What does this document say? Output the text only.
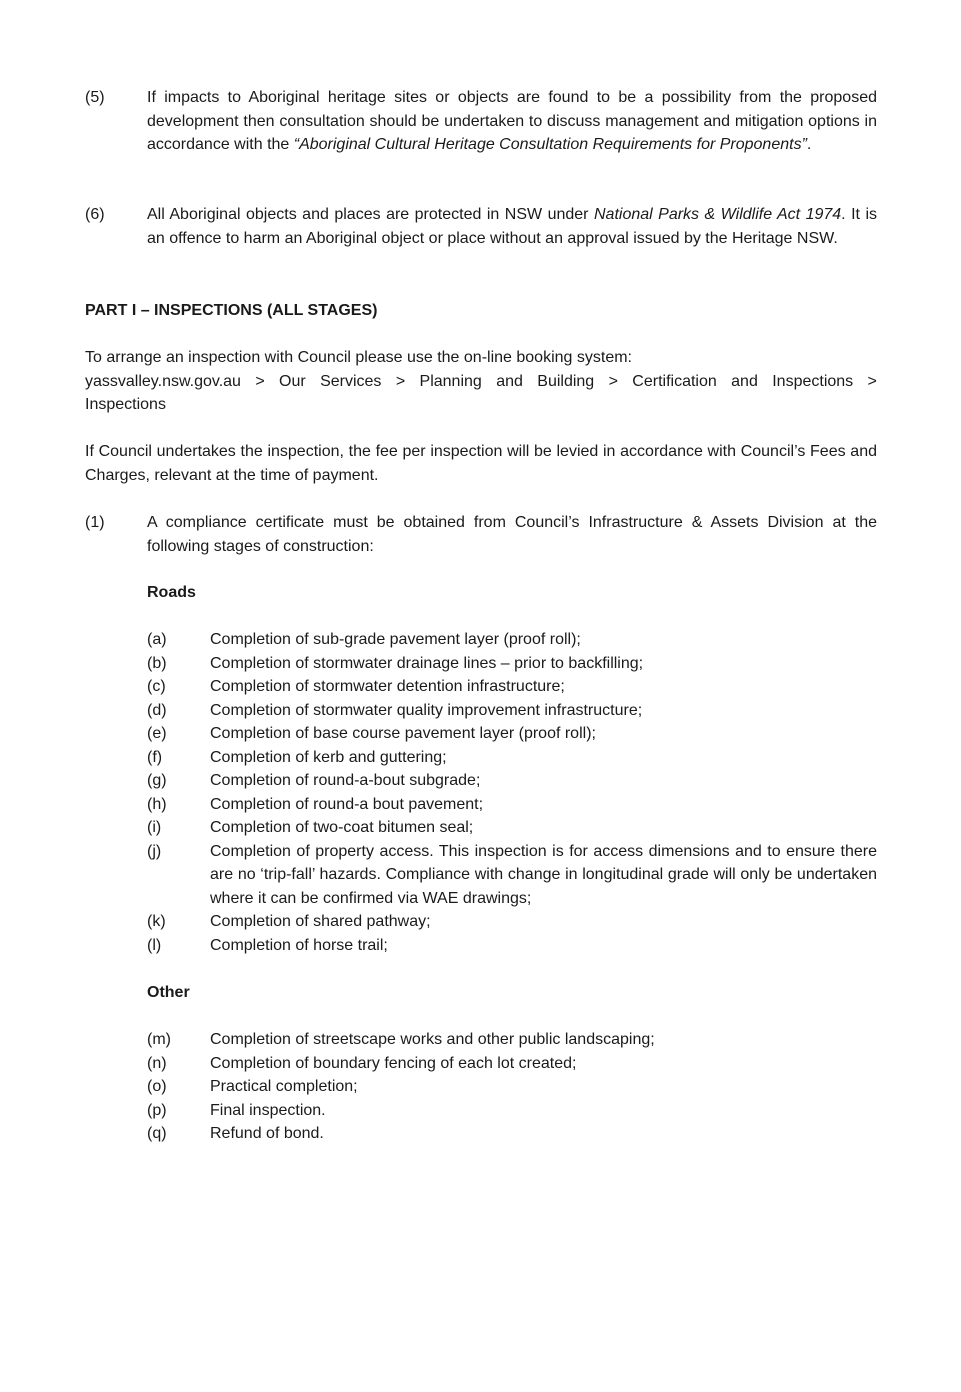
(5)	If impacts to Aboriginal heritage sites or objects are found to be a possibility from the proposed development then consultation should be undertaken to discuss management and mitigation options in accordance with the “Aboriginal Cultural Heritage Consultation Requirements for Proponents”.
(6)	All Aboriginal objects and places are protected in NSW under National Parks & Wildlife Act 1974. It is an offence to harm an Aboriginal object or place without an approval issued by the Heritage NSW.
PART I – INSPECTIONS (ALL STAGES)
To arrange an inspection with Council please use the on-line booking system:
yassvalley.nsw.gov.au > Our Services > Planning and Building > Certification and Inspections >
Inspections
If Council undertakes the inspection, the fee per inspection will be levied in accordance with Council’s Fees and Charges, relevant at the time of payment.
(1)	A compliance certificate must be obtained from Council’s Infrastructure & Assets Division at the following stages of construction:
Roads
(a)	Completion of sub-grade pavement layer (proof roll);
(b)	Completion of stormwater drainage lines – prior to backfilling;
(c)	Completion of stormwater detention infrastructure;
(d)	Completion of stormwater quality improvement infrastructure;
(e)	Completion of base course pavement layer (proof roll);
(f)	Completion of kerb and guttering;
(g)	Completion of round-a-bout subgrade;
(h)	Completion of round-a bout pavement;
(i)	Completion of two-coat bitumen seal;
(j)	Completion of property access. This inspection is for access dimensions and to ensure there are no ‘trip-fall’ hazards. Compliance with change in longitudinal grade will only be undertaken where it can be confirmed via WAE drawings;
(k)	Completion of shared pathway;
(l)	Completion of horse trail;
Other
(m) Completion of streetscape works and other public landscaping;
(n)	Completion of boundary fencing of each lot created;
(o)	Practical completion;
(p)	Final inspection.
(q)	Refund of bond.
